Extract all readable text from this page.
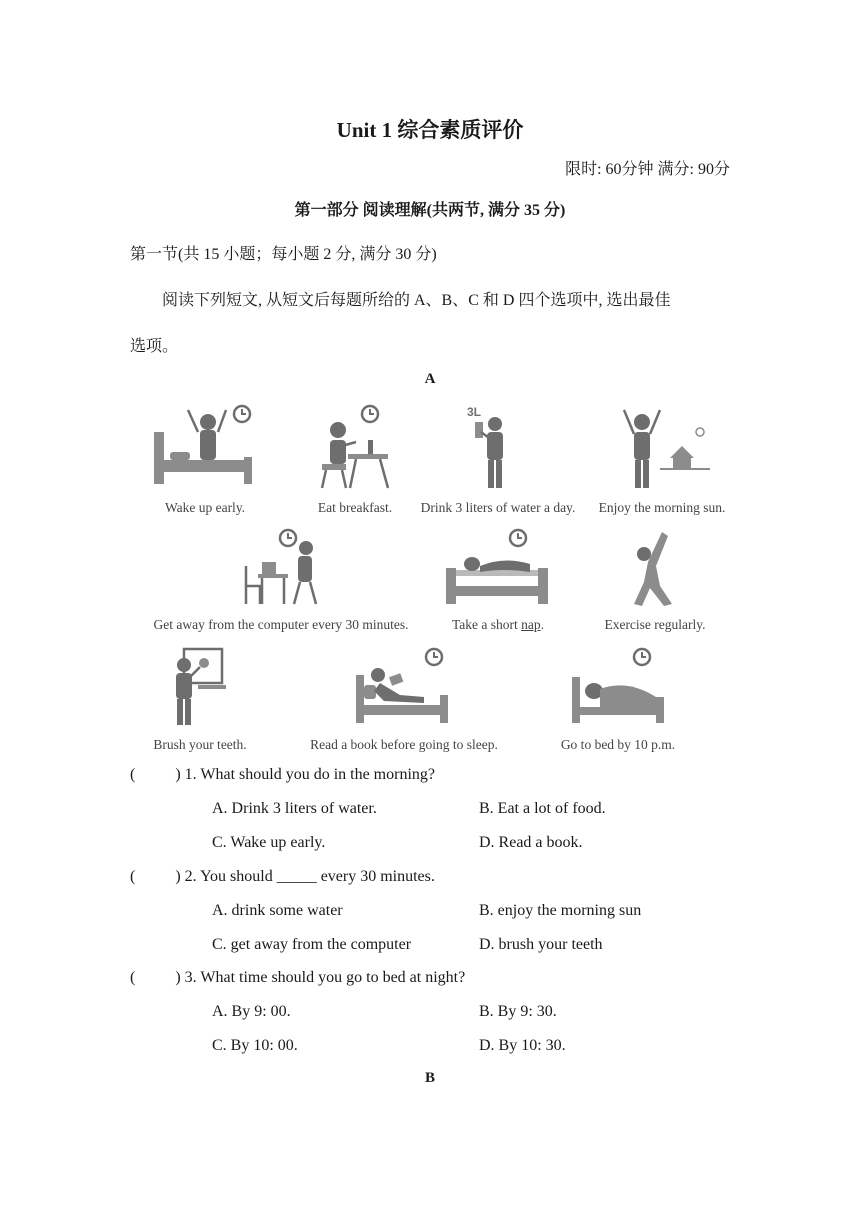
Unit 1 综合素质评价
限时: 60分钟 满分: 90分
第一部分 阅读理解(共两节, 满分 35 分)
第一节(共 15 小题；每小题 2 分, 满分 30 分)
阅读下列短文, 从短文后每题所给的 A、B、C 和 D 四个选项中, 选出最佳
选项。
A
Wake up early.	Eat breakfast.
3L
Drink 3 liters of water a day.	Enjoy the morning sun.
Get away from the computer every 30 minutes.	Take a short nap.	Exercise regularly.
Brush your teeth.	Read a book before going to sleep.	Go to bed by 10 p.m.
(          ) 1. What should you do in the morning?
A. Drink 3 liters of water.	B. Eat a lot of food.
C. Wake up early.	D. Read a book.
(          ) 2. You should _____ every 30 minutes.
A. drink some water	B. enjoy the morning sun
C. get away from the computer	D. brush your teeth
(          ) 3. What time should you go to bed at night?
A. By 9: 00.	B. By 9: 30.
C. By 10: 00.	D. By 10: 30.
B
